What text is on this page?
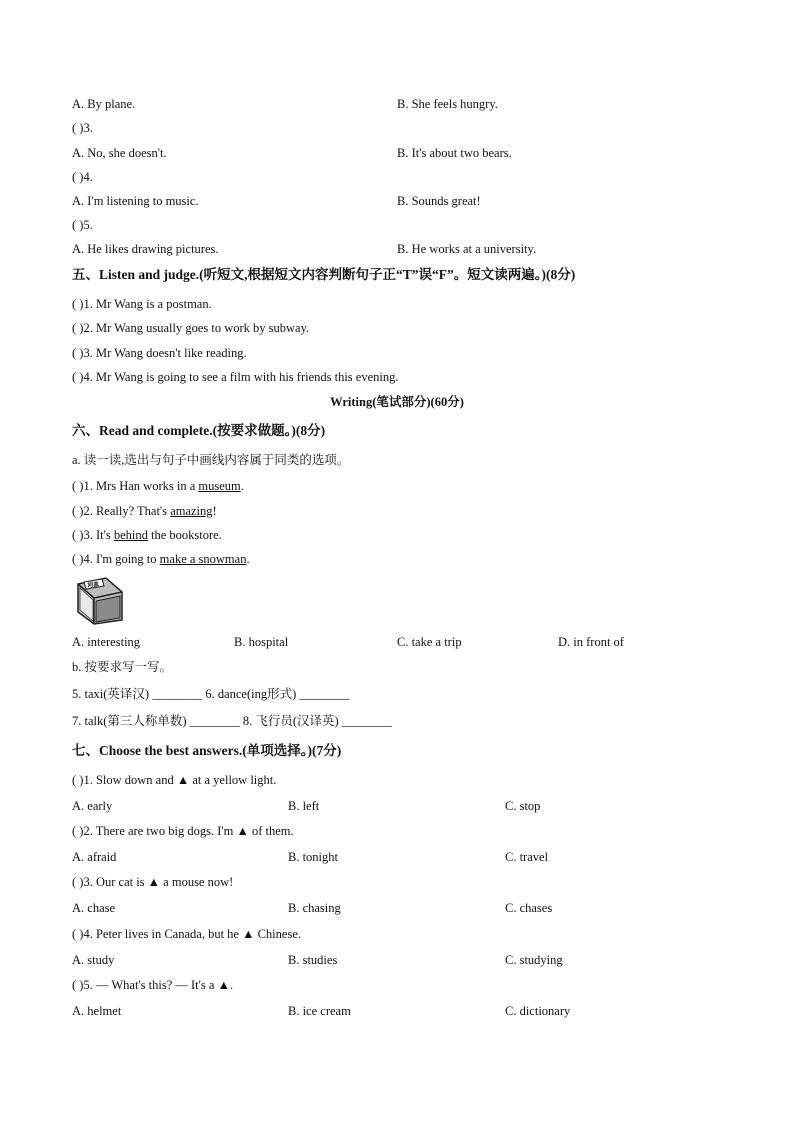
A. By plane.	B. She feels hungry.
( )3.
A. No, she doesn't.	B. It's about two bears.
( )4.
A. I'm listening to music.	B. Sounds great!
( )5.
A. He likes drawing pictures.	B. He works at a university.
五、Listen and judge.(听短文,根据短文内容判断句子正“T”误“F”。短文读两遍。)(8分)
( )1. Mr Wang is a postman.
( )2. Mr Wang usually goes to work by subway.
( )3. Mr Wang doesn't like reading.
( )4. Mr Wang is going to see a film with his friends this evening.
Writing(笔试部分)(60分)
六、Read and complete.(按要求做题。)(8分)
a. 读一读,选出与句子中画线内容属于同类的选项。
( )1. Mrs Han works in a museum.
( )2. Really? That's amazing!
( )3. It's behind the bookstore.
( )4. I'm going to make a snowman.
词典
A. interesting	B. hospital	C. take a trip	D. in front of
b. 按要求写一写。
5. taxi(英译汉) ________ 6. dance(ing形式) ________
7. talk(第三人称单数) ________ 8. 飞行员(汉译英) ________
七、Choose the best answers.(单项选择。)(7分)
( )1. Slow down and ▲ at a yellow light.
A. early	B. left	C. stop
( )2. There are two big dogs. I'm ▲ of them.
A. afraid	B. tonight	C. travel
( )3. Our cat is ▲ a mouse now!
A. chase	B. chasing	C. chases
( )4. Peter lives in Canada, but he ▲ Chinese.
A. study	B. studies	C. studying
( )5. — What's this? — It's a ▲.
A. helmet	B. ice cream	C. dictionary
